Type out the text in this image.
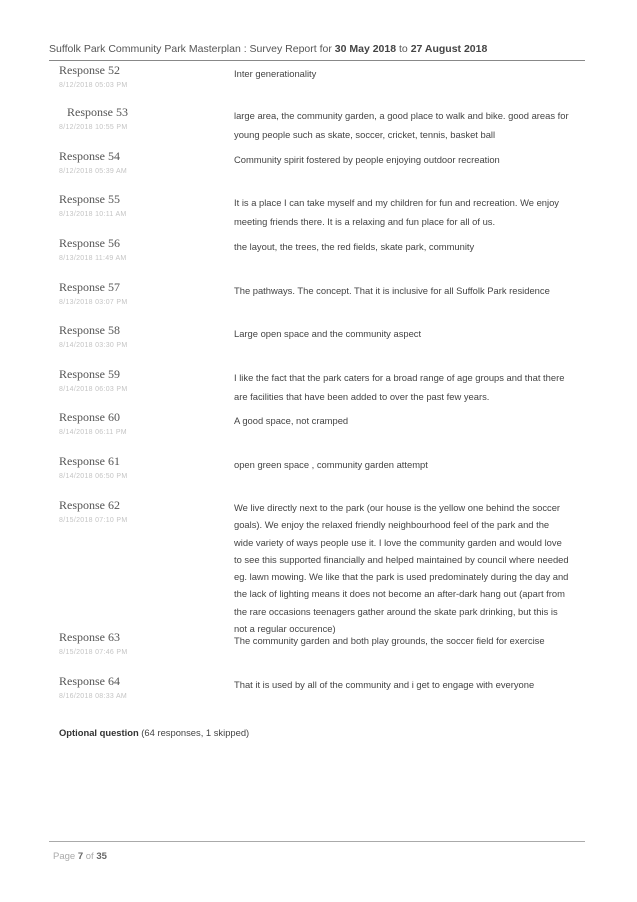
Suffolk Park Community Park Masterplan : Survey Report for 30 May 2018 to 27 August 2018
Response 52
8/12/2018 05:03 PM
Inter generationality
Response 53
8/12/2018 10:55 PM
large area, the community garden, a good place to walk and bike. good areas for young people such as skate, soccer, cricket, tennis, basket ball
Response 54
8/12/2018 05:39 AM
Community spirit fostered by people enjoying outdoor recreation
Response 55
8/13/2018 10:11 AM
It is a place I can take myself and my children for fun and recreation. We enjoy meeting friends there. It is a relaxing and fun place for all of us.
Response 56
8/13/2018 11:49 AM
the layout, the trees, the red fields, skate park, community
Response 57
8/13/2018 03:07 PM
The pathways. The concept. That it is inclusive for all Suffolk Park residence
Response 58
8/14/2018 03:30 PM
Large open space and the community aspect
Response 59
8/14/2018 06:03 PM
I like the fact that the park caters for a broad range of age groups and that there are facilities that have been added to over the past few years.
Response 60
8/14/2018 06:11 PM
A good space, not cramped
Response 61
8/14/2018 06:50 PM
open green space , community garden attempt
Response 62
8/15/2018 07:10 PM
We live directly next to the park (our house is the yellow one behind the soccer goals). We enjoy the relaxed friendly neighbourhood feel of the park and the wide variety of ways people use it. I love the community garden and would love to see this supported financially and helped maintained by council where needed eg. lawn mowing. We like that the park is used predominately during the day and the lack of lighting means it does not become an after-dark hang out (apart from the rare occasions teenagers gather around the skate park drinking, but this is not a regular occurence)
Response 63
8/15/2018 07:46 PM
The community garden and both play grounds, the soccer field for exercise
Response 64
8/16/2018 08:33 AM
That it is used by all of the community and i get to engage with everyone
Optional question (64 responses, 1 skipped)
Page 7 of 35
